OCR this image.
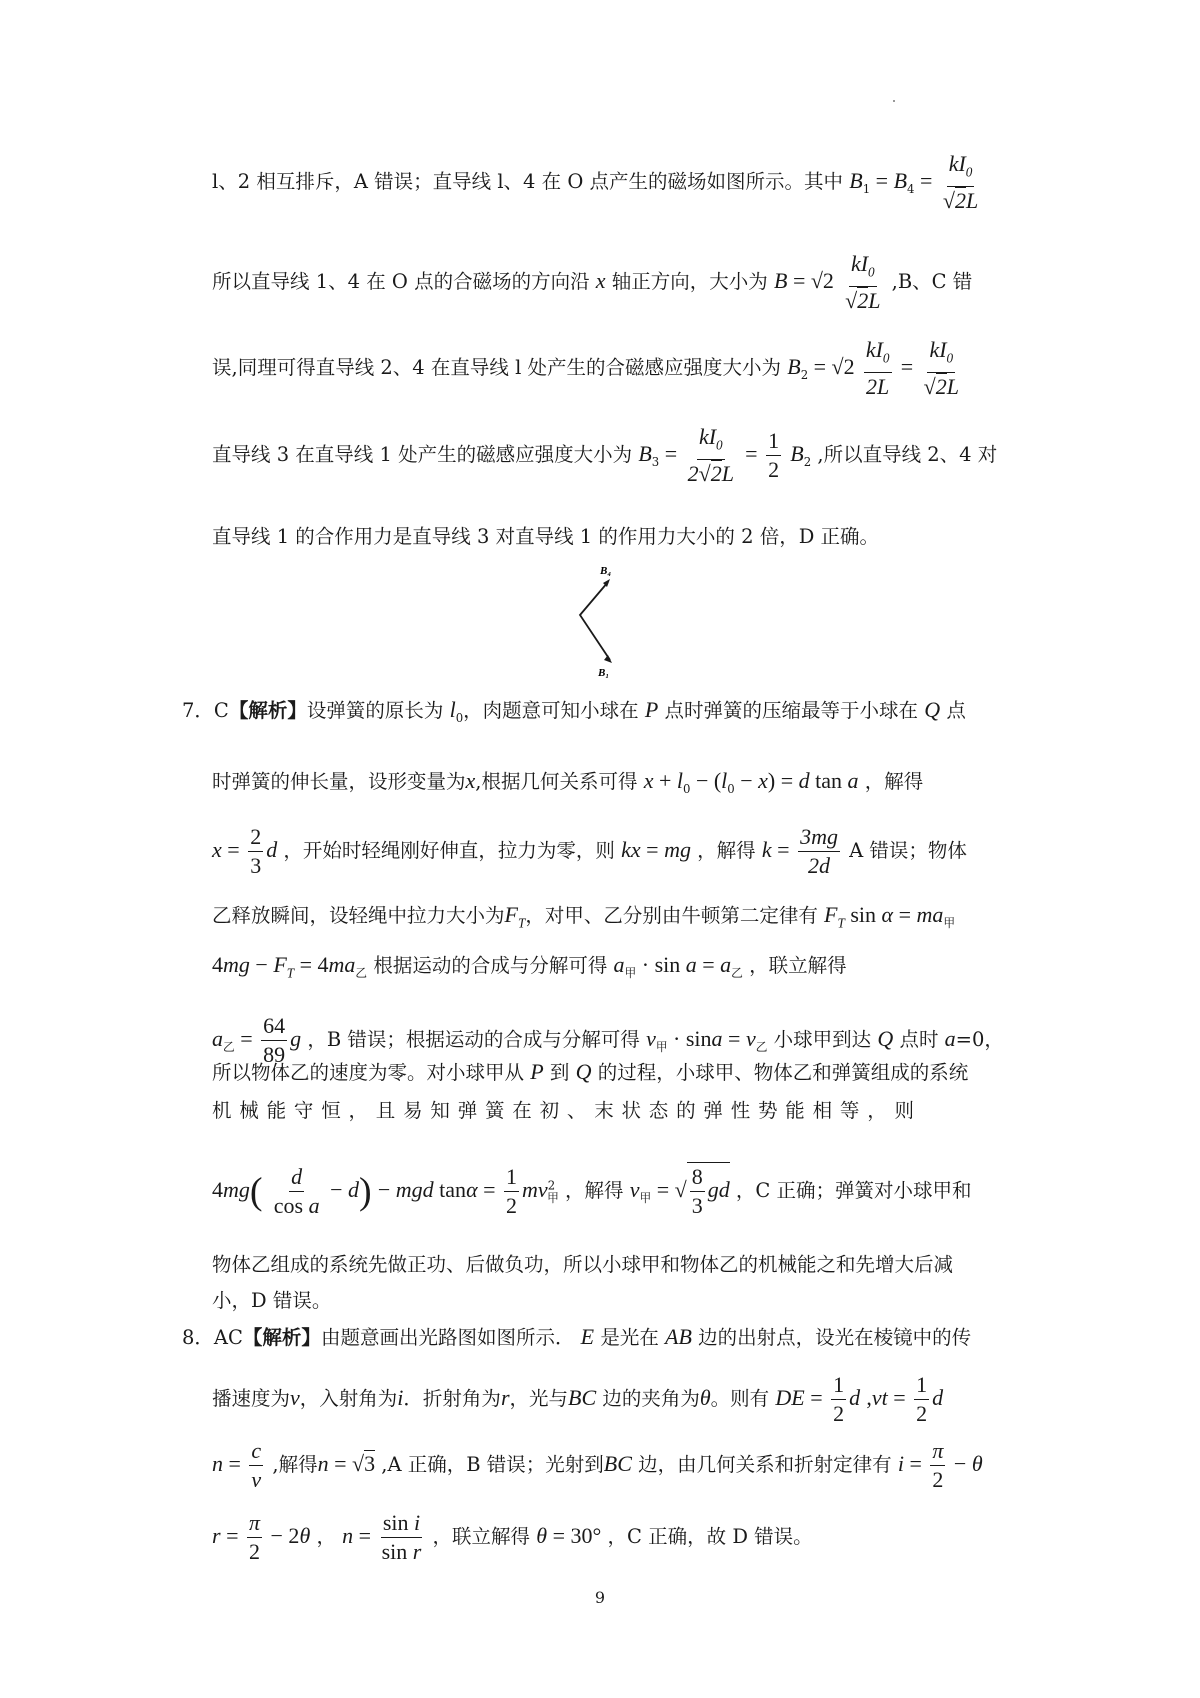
l、2 相互排斥，A 错误；直导线 l、4 在 O 点产生的磁场如图所示。其中 $B_1 = B_4 = \frac{kI_0}{√2L}$
所以直导线 1、4 在 O 点的合磁场的方向沿 x 轴正方向，大小为 $B = √2 \frac{kI_0}{√2L} ,B$、C 错
误,同理可得直导线 2、4 在直导线 l 处产生的合磁感应强度大小为 $B_2 = √2 \frac{kI_0}{2L} = \frac{kI_0}{√2L}$
直导线 3 在直导线 1 处产生的磁感应强度大小为 $B_3 = \frac{kI_0}{2√2L} = \frac{1}{2} B_2$ ,所以直导线 2、4 对
直导线 1 的合作用力是直导线 3 对直导线 1 的作用力大小的 2 倍，D 正确。
B₄
B₁
7．C【解析】设弹簧的原长为 $l_0$，肉题意可知小球在 P 点时弹簧的压缩最等于小球在 Q 点
时弹簧的伸长量，设形变量为x,根据几何关系可得 $x + l_0 - (l_0 - x) = d$ tan a ，解得
$x = \frac{2}{3}$ d ，开始时轻绳刚好伸直，拉力为零，则 kx = mg ，解得 $k = \frac{3mg}{2d}$ A 错误；物体
乙释放瞬间，设轻绳中拉力大小为$F_T$，对甲、乙分别由牛顿第二定律有 $F_T$ $\sin \alpha = ma_甲$
$4mg - F_T = 4ma_乙$ 根据运动的合成与分解可得 $a_甲 \cdot \sin a = a_乙$ ，联立解得
$a_乙 = \frac{64}{89}$ g ，B 错误；根据运动的合成与分解可得 $v_甲 \cdot \sin a = v_乙$ 小球甲到达 Q 点时 a=0，
所以物体乙的速度为零。对小球甲从 P 到 Q 的过程，小球甲、物体乙和弹簧组成的系统
机械能守恒，且易知弹簧在初、末状态的弹性势能相等，则
$4mg( \frac{d}{\text{cos a}} - d)$ − mgd $\tan\alpha = \frac{1}{2} mv^2_甲$ ，解得 $v_甲$ = √ $\frac{8}{3}$ gd ，C 正确；弹簧对小球甲和
物体乙组成的系统先做正功、后做负功，所以小球甲和物体乙的机械能之和先增大后减
小，D 错误。
8．AC【解析】由题意画出光路图如图所示． E 是光在 AB 边的出射点，设光在棱镜中的传
播速度为v，入射角为i．折射角为r，光与BC 边的夹角为θ。则有 DE = $\frac{1}{2}$ d $,vt = \frac{1}{2}$ d
$n = \frac{c}{v}$ ,解得n = √3 ,A 正确，B 错误；光射到BC 边，由几何关系和折射定律有 $i = \frac{\pi}{2} - \theta$
$r = \frac{\pi}{2} - 2\theta$ ， $n = \frac{\text{sin i}}{\text{sin r}}$ ，联立解得 θ = 30° ，C 正确，故 D 错误。
9
